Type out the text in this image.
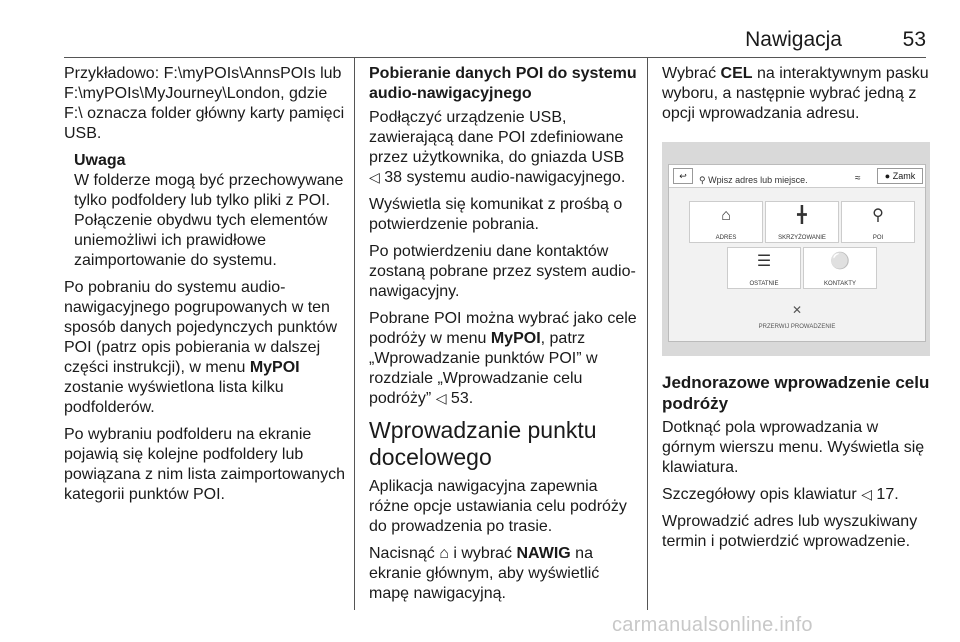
Nawigacja	53

Przykładowo: F:\myPOIs\AnnsPOIs lub F:\myPOIs\MyJourney\London, gdzie F:\ oznacza folder główny karty pamięci USB.

Uwaga
W folderze mogą być przechowywane tylko podfoldery lub tylko pliki z POI. Połączenie obydwu tych elementów uniemożliwi ich prawidłowe zaimportowanie do systemu.

Po pobraniu do systemu audio-nawigacyjnego pogrupowanych w ten sposób danych pojedynczych punktów POI (patrz opis pobierania w dalszej części instrukcji), w menu MyPOI zostanie wyświetlona lista kilku podfolderów.

Po wybraniu podfolderu na ekranie pojawią się kolejne podfoldery lub powiązana z nim lista zaimportowanych kategorii punktów POI.

Pobieranie danych POI do systemu audio-nawigacyjnego

Podłączyć urządzenie USB, zawierającą dane POI zdefiniowane przez użytkownika, do gniazda USB ◁ 38 systemu audio-nawigacyjnego.

Wyświetla się komunikat z prośbą o potwierdzenie pobrania.

Po potwierdzeniu dane kontaktów zostaną pobrane przez system audio-nawigacyjny.

Pobrane POI można wybrać jako cele podróży w menu MyPOI, patrz „Wprowadzanie punktów POI” w rozdziale „Wprowadzanie celu podróży” ◁ 53.

Wprowadzanie punktu docelowego

Aplikacja nawigacyjna zapewnia różne opcje ustawiania celu podróży do prowadzenia po trasie.

Nacisnąć ⌂ i wybrać NAWIG na ekranie głównym, aby wyświetlić mapę nawigacyjną.

Wybrać CEL na interaktywnym pasku wyboru, a następnie wybrać jedną z opcji wprowadzania adresu.

↩	⚲ Wpisz adres lub miejsce.	≈	● Zamk
⌂
ADRES
╋
SKRZYŻOWANIE
⚲
POI
☰
OSTATNIE
⚪
KONTAKTY
✕
PRZERWIJ PROWADZENIE
Jednorazowe wprowadzenie celu podróży

Dotknąć pola wprowadzania w górnym wierszu menu. Wyświetla się klawiatura.

Szczegółowy opis klawiatur ◁ 17.

Wprowadzić adres lub wyszukiwany termin i potwierdzić wprowadzenie.

carmanualsonline.info
